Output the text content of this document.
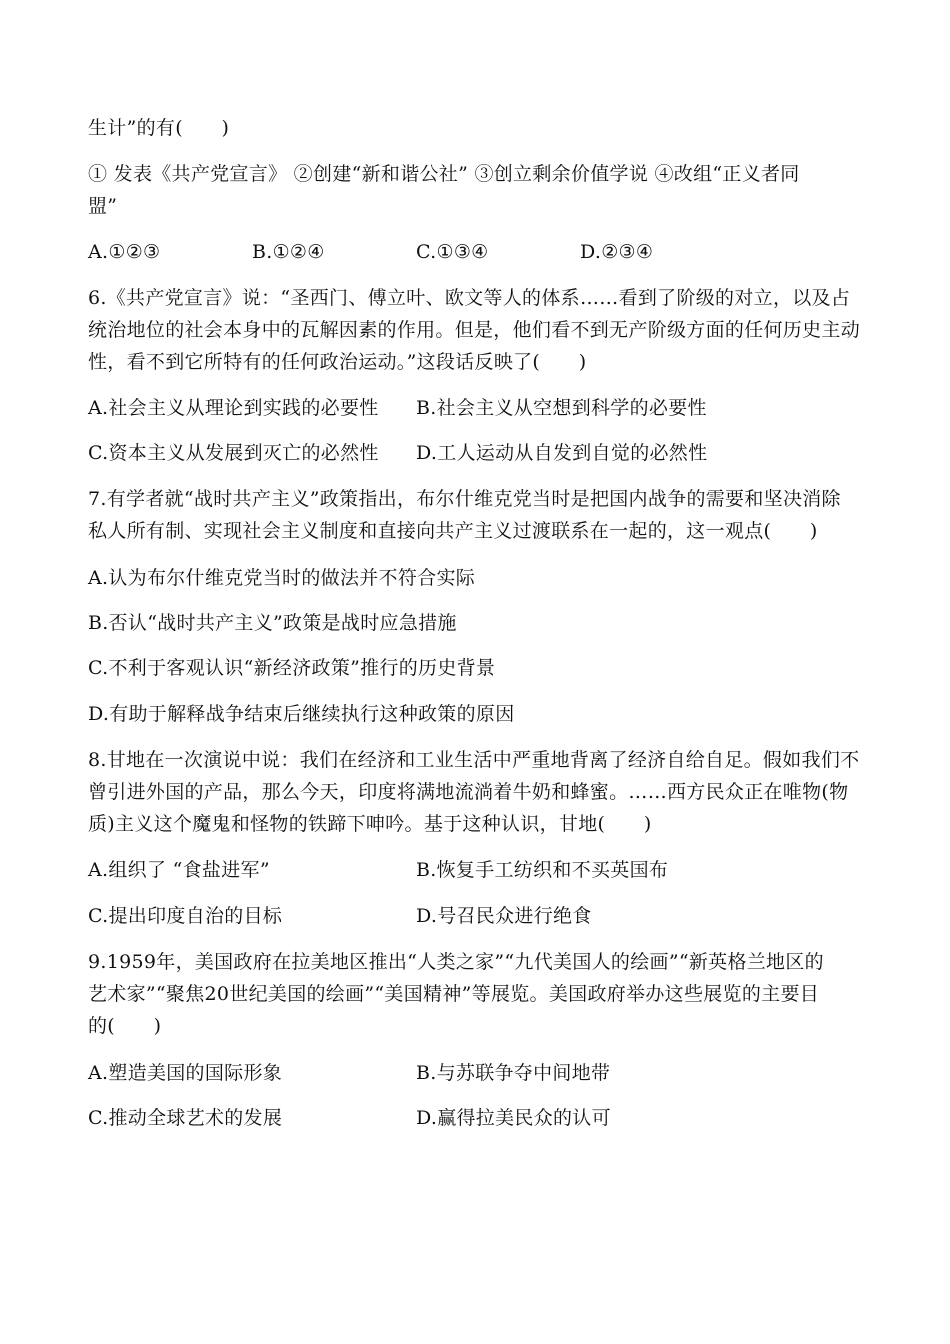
生计”的有(　　)
① 发表《共产党宣言》 ②创建“新和谐公社” ③创立剩余价值学说 ④改组“正义者同
盟”
A.①②③	B.①②④	C.①③④	D.②③④
6.《共产党宣言》说：“圣西门、傅立叶、欧文等人的体系……看到了阶级的对立，以及占
统治地位的社会本身中的瓦解因素的作用。但是，他们看不到无产阶级方面的任何历史主动
性，看不到它所特有的任何政治运动。”这段话反映了(　　)
A.社会主义从理论到实践的必要性 B.社会主义从空想到科学的必要性
C.资本主义从发展到灭亡的必然性 D.工人运动从自发到自觉的必然性
7.有学者就“战时共产主义”政策指出，布尔什维克党当时是把国内战争的需要和坚决消除
私人所有制、实现社会主义制度和直接向共产主义过渡联系在一起的，这一观点(　　)
A.认为布尔什维克党当时的做法并不符合实际
B.否认“战时共产主义”政策是战时应急措施
C.不利于客观认识“新经济政策”推行的历史背景
D.有助于解释战争结束后继续执行这种政策的原因
8.甘地在一次演说中说：我们在经济和工业生活中严重地背离了经济自给自足。假如我们不
曾引进外国的产品，那么今天，印度将满地流淌着牛奶和蜂蜜。……西方民众正在唯物(物
质)主义这个魔鬼和怪物的铁蹄下呻吟。基于这种认识，甘地(　　)
A.组织了 “食盐进军”	B.恢复手工纺织和不买英国布
C.提出印度自治的目标	D.号召民众进行绝食
9.1959年，美国政府在拉美地区推出“人类之家”“九代美国人的绘画”“新英格兰地区的
艺术家”“聚焦20世纪美国的绘画”“美国精神”等展览。美国政府举办这些展览的主要目
的(　　)
A.塑造美国的国际形象	B.与苏联争夺中间地带
C.推动全球艺术的发展	D.赢得拉美民众的认可
